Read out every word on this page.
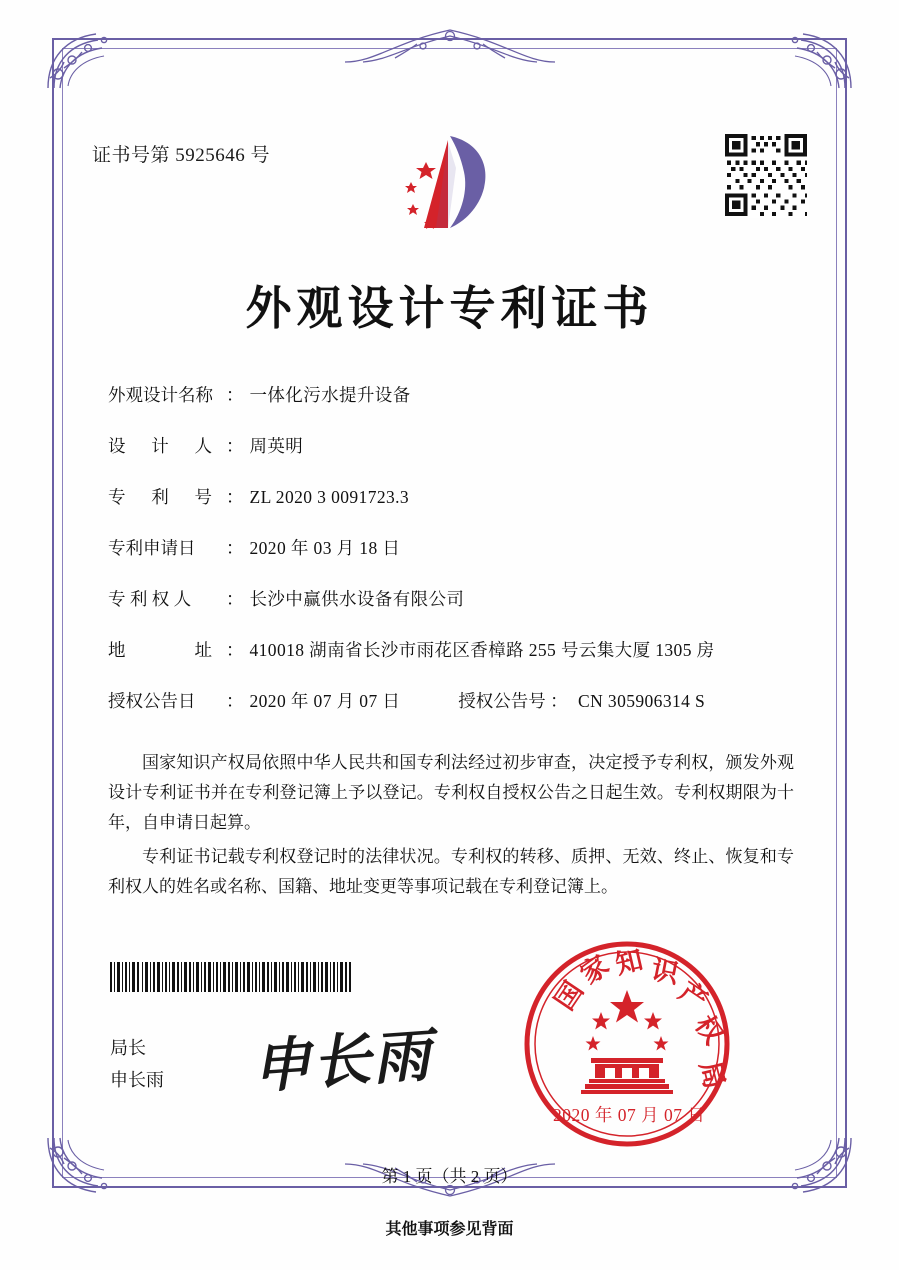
证书号第 5925646 号
外观设计专利证书
外观设计名称 ： 一体化污水提升设备
设 计 人 ： 周英明
专 利 号 ： ZL 2020 3 0091723.3
专利申请日	： 2020 年 03 月 18 日
专 利 权 人	： 长沙中赢供水设备有限公司
地 址 ： 410018 湖南省长沙市雨花区香樟路 255 号云集大厦 1305 房
授权公告日	： 2020 年 07 月 07 日	授权公告号 ： CN 305906314 S

国家知识产权局依照中华人民共和国专利法经过初步审查，决定授予专利权，颁发外观设计专利证书并在专利登记簿上予以登记。专利权自授权公告之日起生效。专利权期限为十年，自申请日起算。

专利证书记载专利权登记时的法律状况。专利权的转移、质押、无效、终止、恢复和专利权人的姓名或名称、国籍、地址变更等事项记载在专利登记簿上。

局长
申长雨 申长雨
国
家
知 识
产
权
局
2020 年 07 月 07 日
第 1 页（共 2 页）
其他事项参见背面
